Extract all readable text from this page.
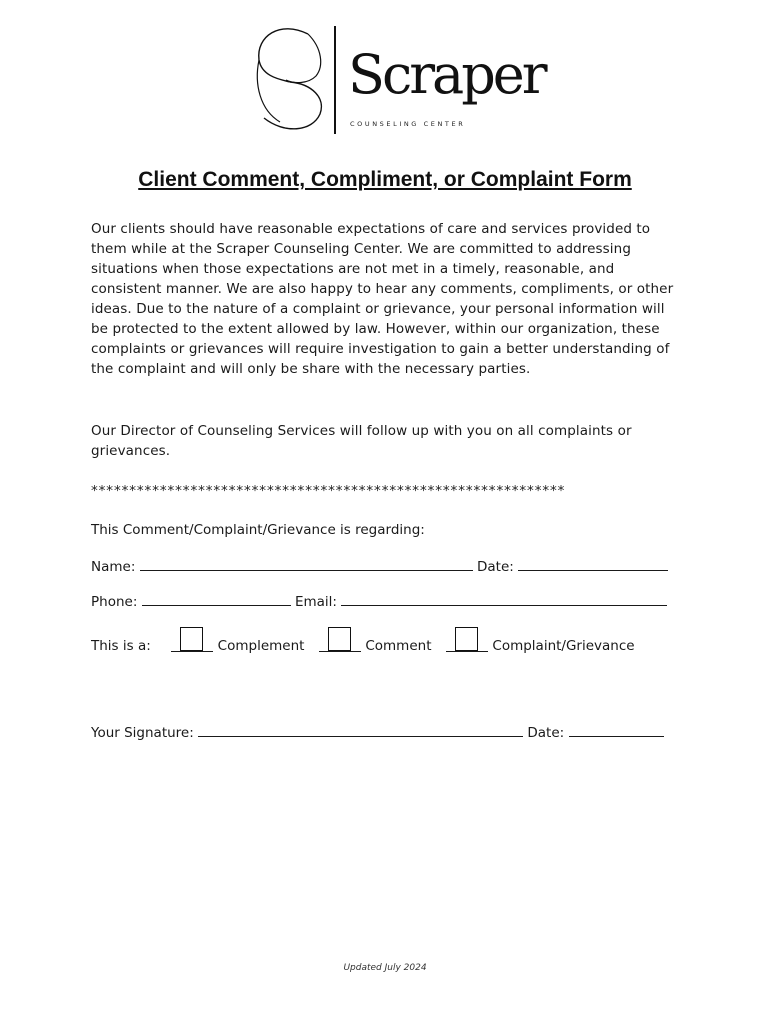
Scraper
COUNSELING CENTER
Client Comment, Compliment, or Complaint Form

Our clients should have reasonable expectations of care and services provided to them while at the Scraper Counseling Center. We are committed to addressing situations when those expectations are not met in a timely, reasonable, and consistent manner. We are also happy to hear any comments, compliments, or other ideas. Due to the nature of a complaint or grievance, your personal information will be protected to the extent allowed by law. However, within our organization, these complaints or grievances will require investigation to gain a better understanding of the complaint and will only be share with the necessary parties.

Our Director of Counseling Services will follow up with you on all complaints or grievances.

**************************************************************
This Comment/Complaint/Grievance is regarding:
Name:	Date:
Phone:	Email:
This is a:	Complement	Comment	Complaint/Grievance
Your Signature:	Date:
Updated July 2024
